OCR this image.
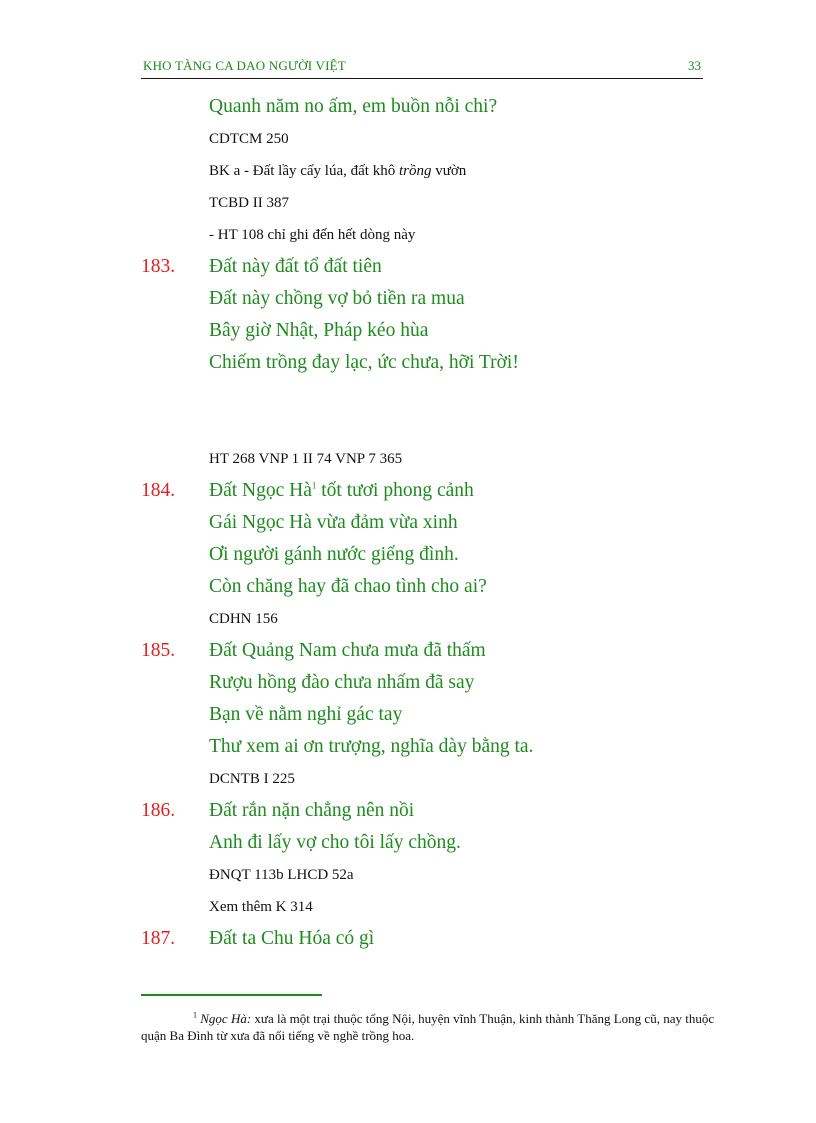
KHO TÀNG CA DAO NGƯỜI VIỆT	33
Quanh năm no ấm, em buồn nỗi chi?
CDTCM 250
BK a - Đất lầy cấy lúa, đất khô trồng vườn
TCBD II 387
- HT 108 chỉ ghi đến hết dòng này
183. Đất này đất tổ đất tiên
Đất này chồng vợ bỏ tiền ra mua
Bây giờ Nhật, Pháp kéo hùa
Chiếm trồng đay lạc, ức chưa, hỡi Trời!
HT 268 VNP 1 II 74 VNP 7 365
184. Đất Ngọc Hà$^1$ tốt tươi phong cảnh
Gái Ngọc Hà vừa đảm vừa xinh
Ơi người gánh nước giếng đình.
Còn chăng hay đã chao tình cho ai?
CDHN 156
185. Đất Quảng Nam chưa mưa đã thấm
Rượu hồng đào chưa nhấm đã say
Bạn về nằm nghỉ gác tay
Thư xem ai ơn trượng, nghĩa dày bằng ta.
DCNTB I 225
186. Đất rắn nặn chẳng nên nồi
Anh đi lấy vợ cho tôi lấy chồng.
ĐNQT 113b LHCD 52a
Xem thêm K 314
187. Đất ta Chu Hóa có gì
$^1$ Ngọc Hà: xưa là một trại thuộc tổng Nội, huyện vĩnh Thuận, kinh thành Thăng Long cũ, nay thuộc quận Ba Đình từ xưa đã nổi tiếng về nghề trồng hoa.
